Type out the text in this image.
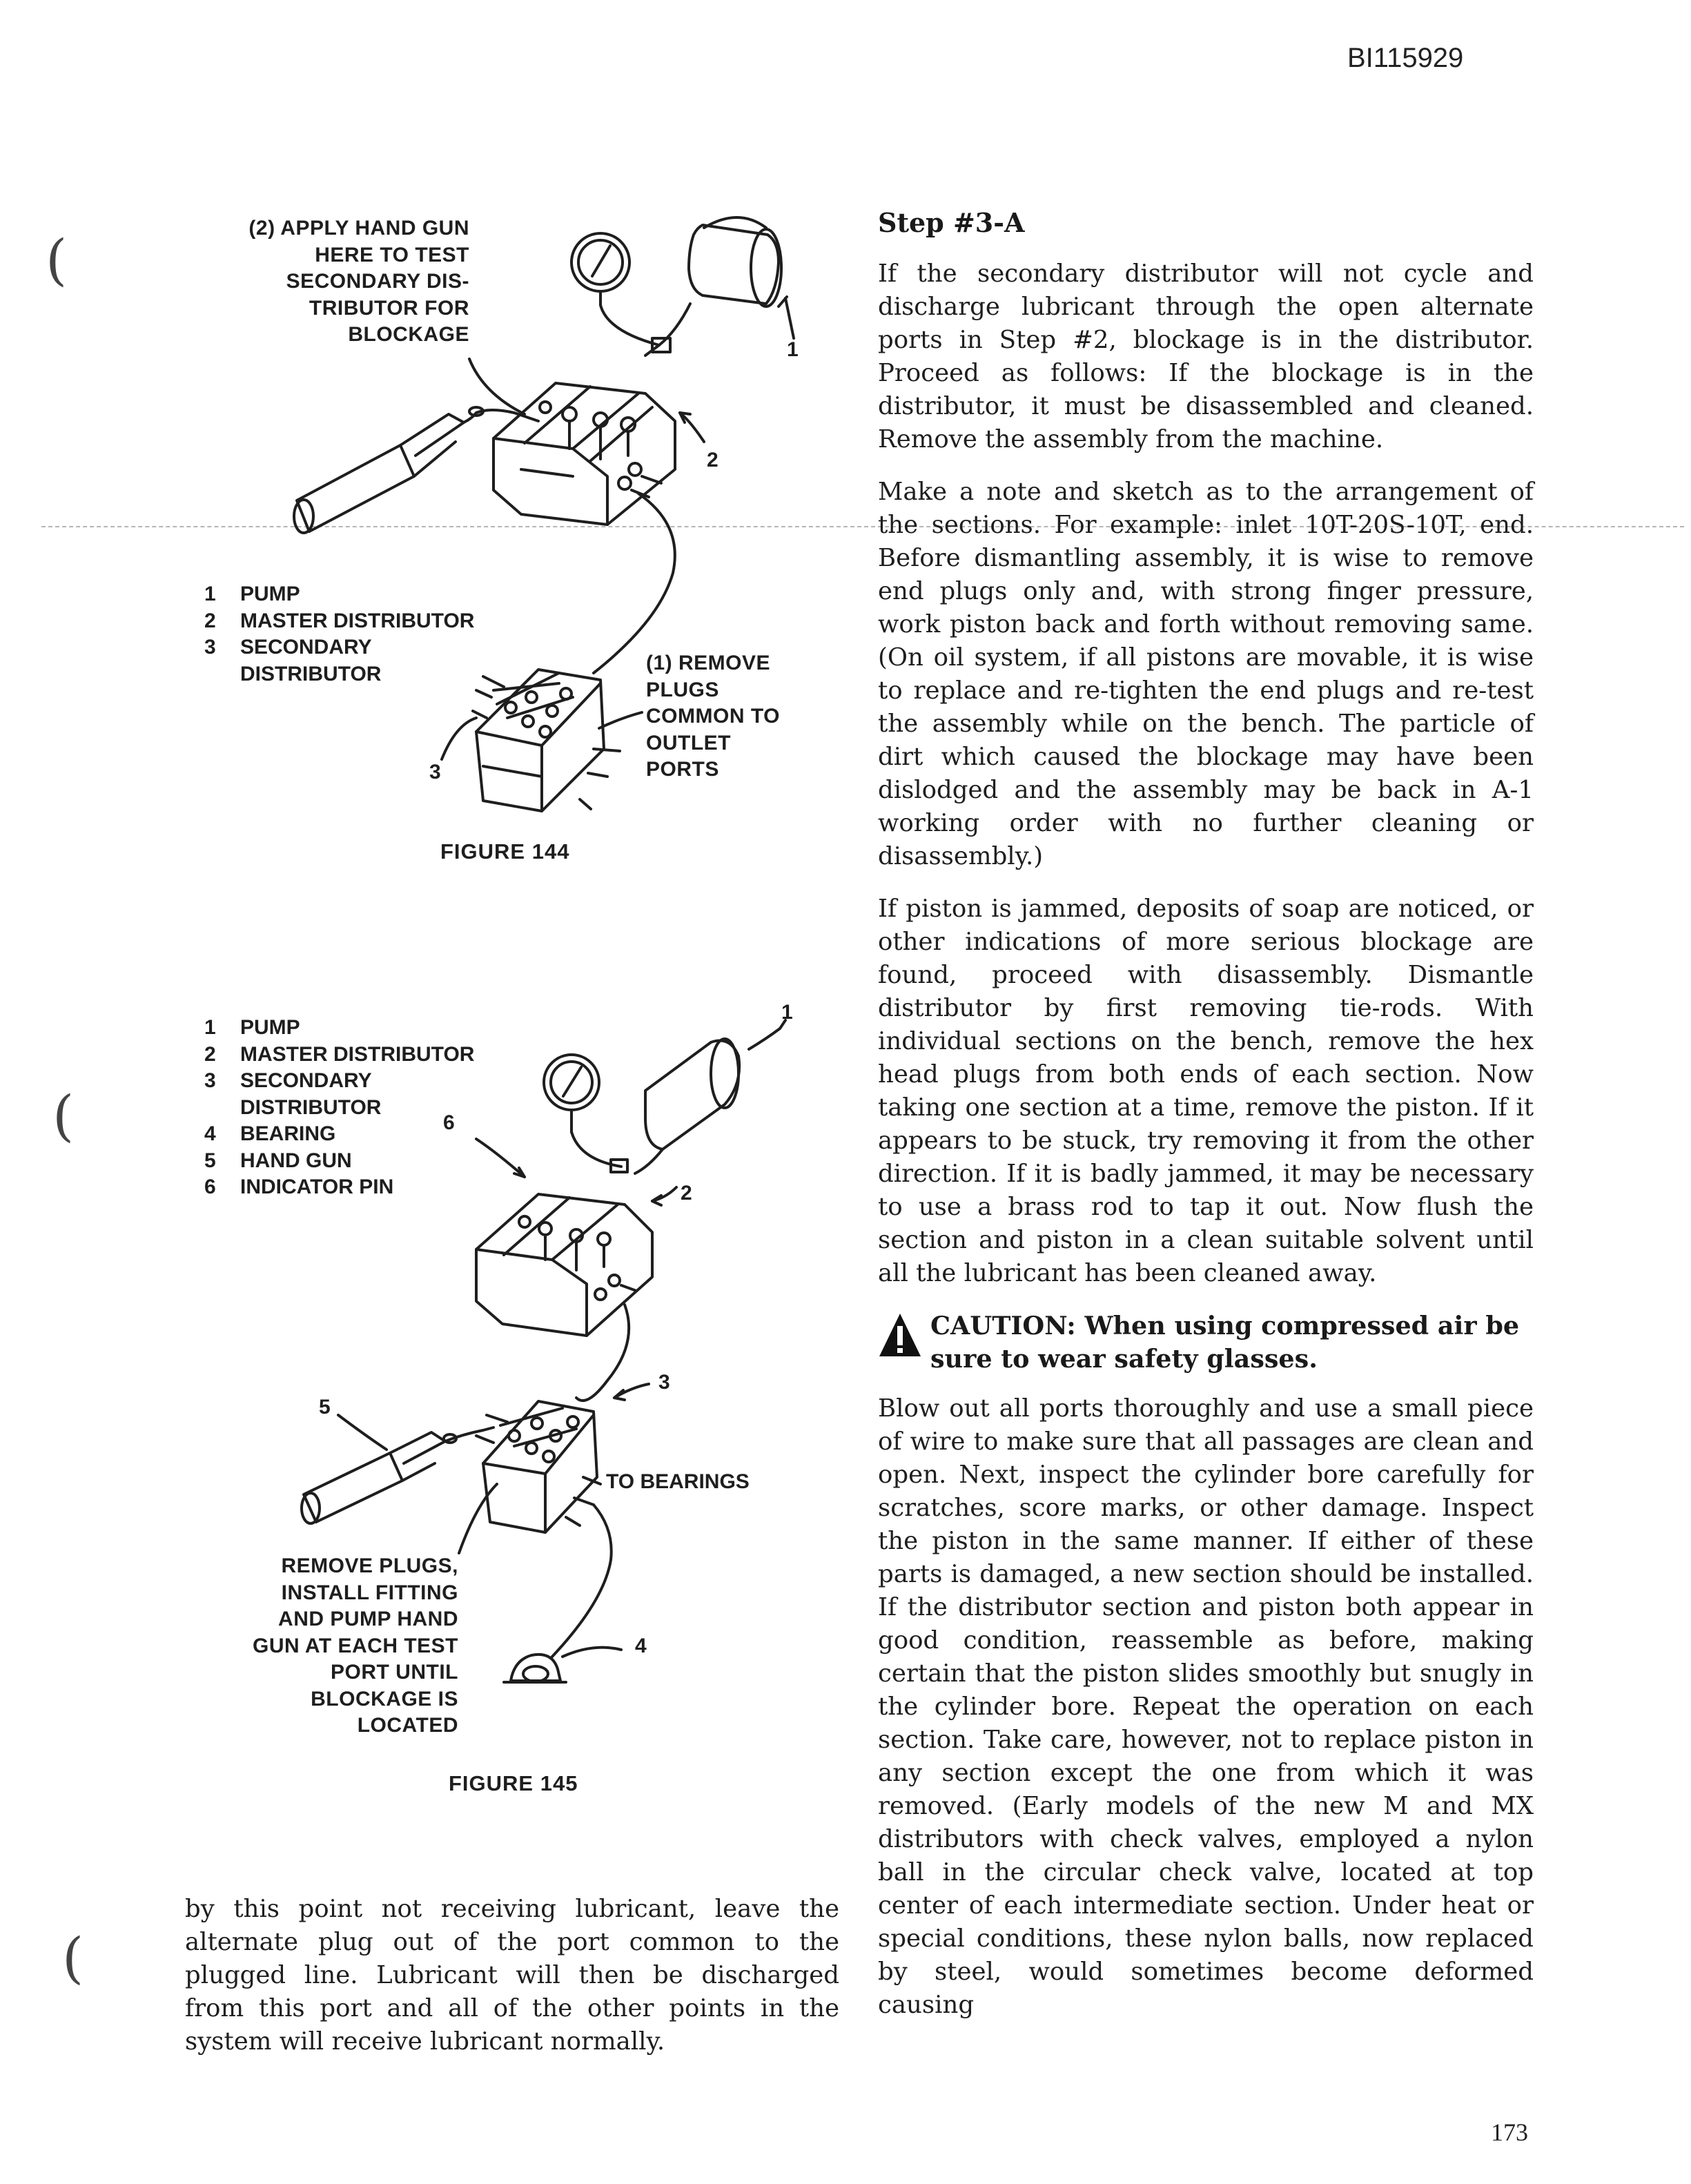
BI115929
173
(
(
(
(2) APPLY HAND GUN
HERE TO TEST
SECONDARY DIS-
TRIBUTOR FOR
BLOCKAGE
1	PUMP
2	MASTER DISTRIBUTOR
3	SECONDARY
DISTRIBUTOR	(1) REMOVE
PLUGS
COMMON TO
OUTLET
PORTS
1
2
3
FIGURE 144
1	PUMP
2	MASTER DISTRIBUTOR
3	SECONDARY
DISTRIBUTOR
4	BEARING
5	HAND GUN
6	INDICATOR PIN
1
2
3
4
5
6
TO BEARINGS
REMOVE PLUGS,
INSTALL FITTING
AND PUMP HAND
GUN AT EACH TEST
PORT UNTIL
BLOCKAGE IS
LOCATED
FIGURE 145

by this point not receiving lubricant, leave the alternate plug out of the port common to the plugged line. Lubricant will then be discharged from this port and all of the other points in the system will receive lubricant normally.

Step #3-A

If the secondary distributor will not cycle and discharge lubricant through the open alternate ports in Step #2, blockage is in the distributor. Proceed as follows: If the blockage is in the distributor, it must be disassembled and cleaned. Remove the assembly from the machine.

Make a note and sketch as to the arrangement of the sections. For example: inlet 10T-20S-10T, end. Before dismantling assembly, it is wise to remove end plugs only and, with strong finger pressure, work piston back and forth without removing same. (On oil system, if all pistons are movable, it is wise to replace and re-tighten the end plugs and re-test the assembly while on the bench. The particle of dirt which caused the blockage may have been dislodged and the assembly may be back in A-1 working order with no further cleaning or disassembly.)

If piston is jammed, deposits of soap are noticed, or other indications of more serious blockage are found, proceed with disassembly. Dismantle distributor by first removing tie-rods. With individual sections on the bench, remove the hex head plugs from both ends of each section. Now taking one section at a time, remove the piston. If it appears to be stuck, try removing it from the other direction. If it is badly jammed, it may be necessary to use a brass rod to tap it out. Now flush the section and piston in a clean suitable solvent until all the lubricant has been cleaned away.

CAUTION: When using compressed air be sure to wear safety glasses.

Blow out all ports thoroughly and use a small piece of wire to make sure that all passages are clean and open. Next, inspect the cylinder bore carefully for scratches, score marks, or other damage. Inspect the piston in the same manner. If either of these parts is damaged, a new section should be installed. If the distributor section and piston both appear in good condition, reassemble as before, making certain that the piston slides smoothly but snugly in the cylinder bore. Repeat the operation on each section. Take care, however, not to replace piston in any section except the one from which it was removed. (Early models of the new M and MX distributors with check valves, employed a nylon ball in the circular check valve, located at top center of each intermediate section. Under heat or special conditions, these nylon balls, now replaced by steel, would sometimes become deformed causing
